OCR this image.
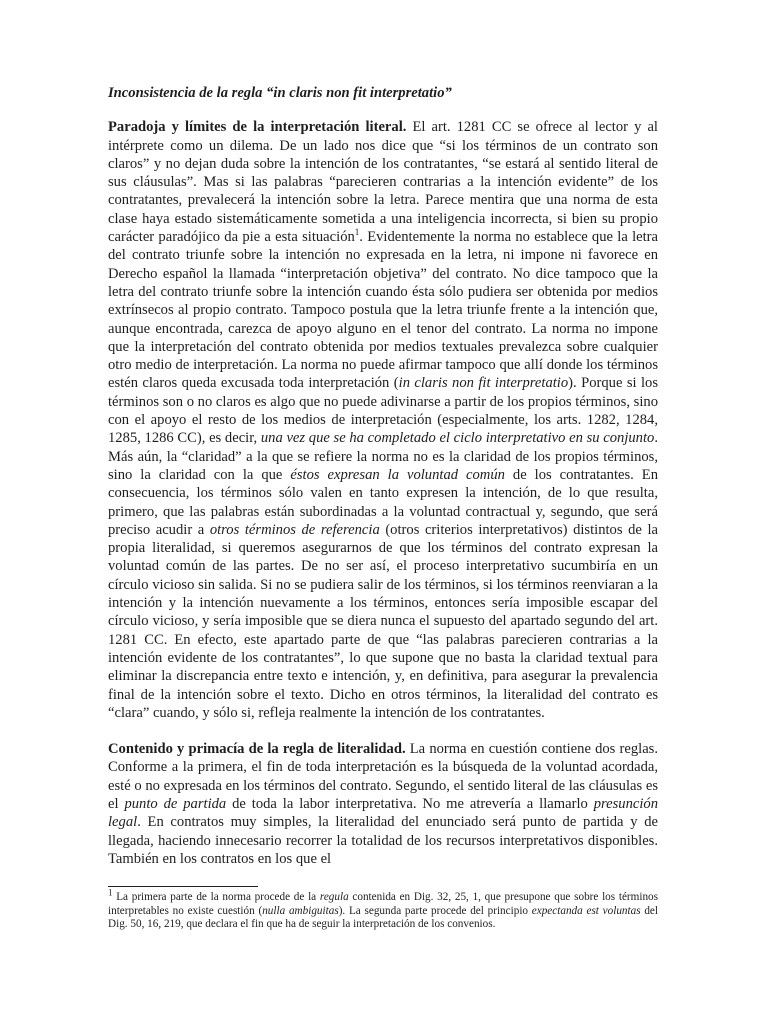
Inconsistencia de la regla “in claris non fit interpretatio”

Paradoja y límites de la interpretación literal. El art. 1281 CC se ofrece al lector y al intérprete como un dilema. De un lado nos dice que “si los términos de un contrato son claros” y no dejan duda sobre la intención de los contratantes, “se estará al sentido literal de sus cláusulas”. Mas si las palabras “parecieren contrarias a la intención evidente” de los contratantes, prevalecerá la intención sobre la letra. Parece mentira que una norma de esta clase haya estado sistemáticamente sometida a una inteligencia incorrecta, si bien su propio carácter paradójico da pie a esta situación$^1$. Evidentemente la norma no establece que la letra del contrato triunfe sobre la intención no expresada en la letra, ni impone ni favorece en Derecho español la llamada “interpretación objetiva” del contrato. No dice tampoco que la letra del contrato triunfe sobre la intención cuando ésta sólo pudiera ser obtenida por medios extrínsecos al propio contrato. Tampoco postula que la letra triunfe frente a la intención que, aunque encontrada, carezca de apoyo alguno en el tenor del contrato. La norma no impone que la interpretación del contrato obtenida por medios textuales prevalezca sobre cualquier otro medio de interpretación. La norma no puede afirmar tampoco que allí donde los términos estén claros queda excusada toda interpretación (in claris non fit interpretatio). Porque si los términos son o no claros es algo que no puede adivinarse a partir de los propios términos, sino con el apoyo el resto de los medios de interpretación (especialmente, los arts. 1282, 1284, 1285, 1286 CC), es decir, una vez que se ha completado el ciclo interpretativo en su conjunto. Más aún, la “claridad” a la que se refiere la norma no es la claridad de los propios términos, sino la claridad con la que éstos expresan la voluntad común de los contratantes. En consecuencia, los términos sólo valen en tanto expresen la intención, de lo que resulta, primero, que las palabras están subordinadas a la voluntad contractual y, segundo, que será preciso acudir a otros términos de referencia (otros criterios interpretativos) distintos de la propia literalidad, si queremos asegurarnos de que los términos del contrato expresan la voluntad común de las partes. De no ser así, el proceso interpretativo sucumbiría en un círculo vicioso sin salida. Si no se pudiera salir de los términos, si los términos reenviaran a la intención y la intención nuevamente a los términos, entonces sería imposible escapar del círculo vicioso, y sería imposible que se diera nunca el supuesto del apartado segundo del art. 1281 CC. En efecto, este apartado parte de que “las palabras parecieren contrarias a la intención evidente de los contratantes”, lo que supone que no basta la claridad textual para eliminar la discrepancia entre texto e intención, y, en definitiva, para asegurar la prevalencia final de la intención sobre el texto. Dicho en otros términos, la literalidad del contrato es “clara” cuando, y sólo si, refleja realmente la intención de los contratantes.

Contenido y primacía de la regla de literalidad. La norma en cuestión contiene dos reglas. Conforme a la primera, el fin de toda interpretación es la búsqueda de la voluntad acordada, esté o no expresada en los términos del contrato. Segundo, el sentido literal de las cláusulas es el punto de partida de toda la labor interpretativa. No me atrevería a llamarlo presunción legal. En contratos muy simples, la literalidad del enunciado será punto de partida y de llegada, haciendo innecesario recorrer la totalidad de los recursos interpretativos disponibles. También en los contratos en los que el

$^1$ La primera parte de la norma procede de la regula contenida en Dig. 32, 25, 1, que presupone que sobre los términos interpretables no existe cuestión (nulla ambiguitas). La segunda parte procede del principio expectanda est voluntas del Dig. 50, 16, 219, que declara el fin que ha de seguir la interpretación de los convenios.
